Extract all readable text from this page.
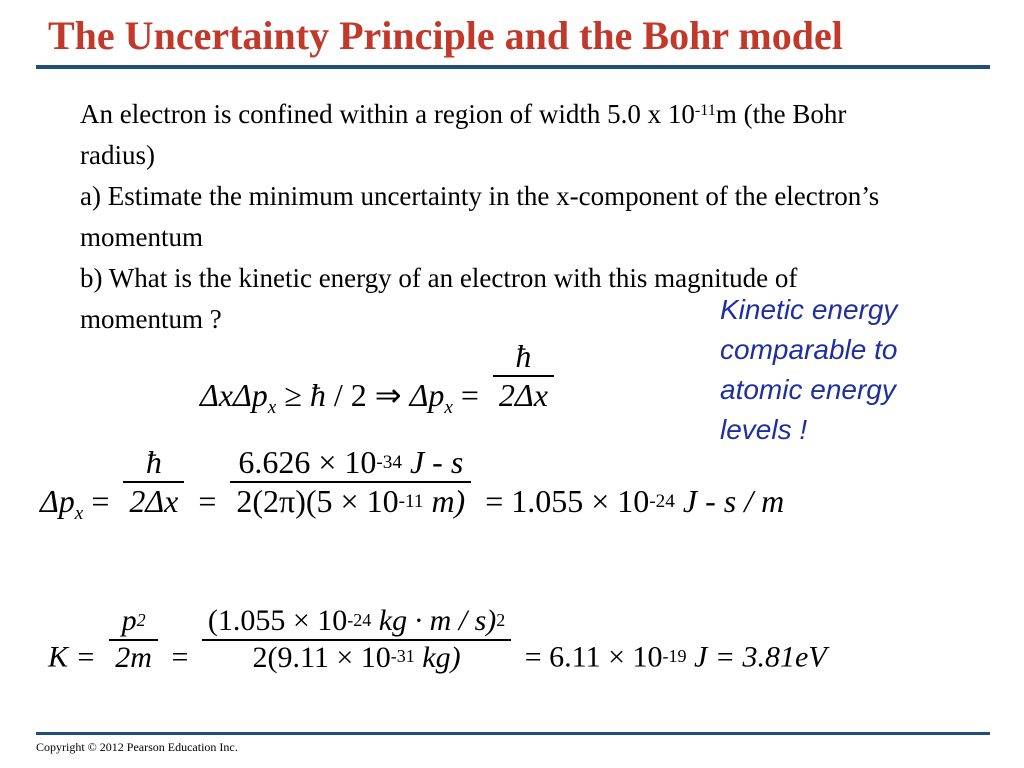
The Uncertainty Principle and the Bohr model

An electron is confined within a region of width 5.0 x $10^{-11}m$ (the Bohr radius)

a) Estimate the minimum uncertainty in the x-component of the electron’s momentum

b) What is the kinetic energy of an electron with this magnitude of momentum ?	Kinetic energy
comparable to
atomic energy
levels !
ΔxΔp$_x$ ≥ ħ / 2 ⇒ $\Delta p_x = \frac{ħ}{2\Delta x}$
$\Delta p_x = \frac{ħ}{2\Delta x} = \frac{6.626 \times 10^{-34} J - s}{2(2\pi)(5 \times 10^{-11} m)} = 1.055 \times 10^{-24}$ J - s / m
$K = \frac{p^2}{2m} = \frac{(1.055 \times 10^{-24} kg \cdot m / s)^2}{2(9.11 \times 10^{-31} kg)} = 6.11 \times 10^{-19}$ J = 3.81eV
Copyright © 2012 Pearson Education Inc.
